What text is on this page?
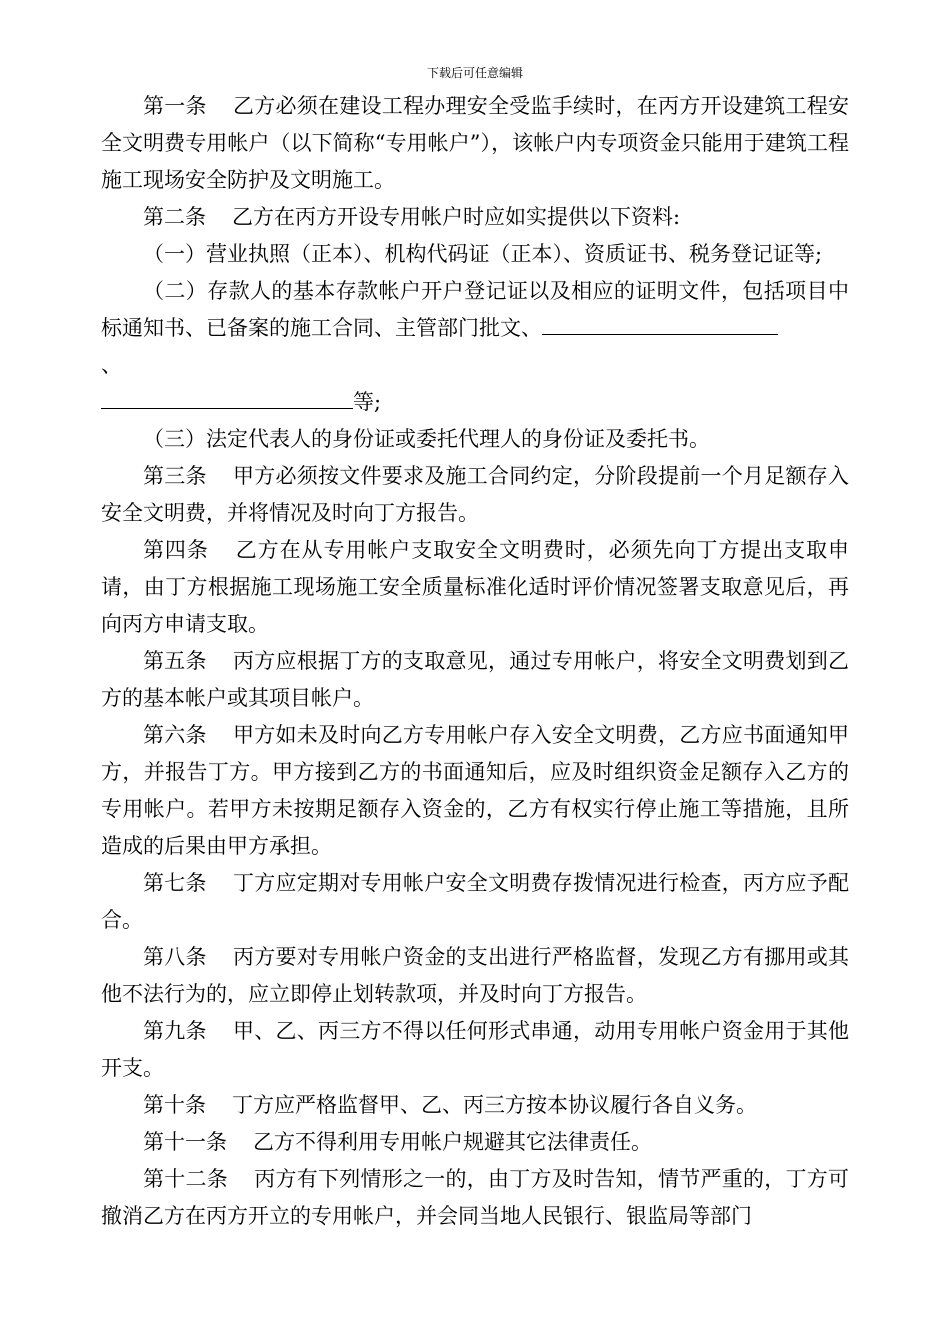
下载后可任意编辑

第一条 乙方必须在建设工程办理安全受监手续时，在丙方开设建筑工程安全文明费专用帐户（以下简称“专用帐户”），该帐户内专项资金只能用于建筑工程施工现场安全防护及文明施工。

第二条 乙方在丙方开设专用帐户时应如实提供以下资料:

（一）营业执照（正本）、机构代码证（正本）、资质证书、税务登记证等;

（二）存款人的基本存款帐户开户登记证以及相应的证明文件，包括项目中标通知书、已备案的施工合同、主管部门批文、

、

等;

（三）法定代表人的身份证或委托代理人的身份证及委托书。

第三条 甲方必须按文件要求及施工合同约定，分阶段提前一个月足额存入安全文明费，并将情况及时向丁方报告。

第四条 乙方在从专用帐户支取安全文明费时，必须先向丁方提出支取申请，由丁方根据施工现场施工安全质量标准化适时评价情况签署支取意见后，再向丙方申请支取。

第五条 丙方应根据丁方的支取意见，通过专用帐户，将安全文明费划到乙方的基本帐户或其项目帐户。

第六条 甲方如未及时向乙方专用帐户存入安全文明费，乙方应书面通知甲方，并报告丁方。甲方接到乙方的书面通知后，应及时组织资金足额存入乙方的专用帐户。若甲方未按期足额存入资金的，乙方有权实行停止施工等措施，且所造成的后果由甲方承担。

第七条 丁方应定期对专用帐户安全文明费存拨情况进行检查，丙方应予配合。

第八条 丙方要对专用帐户资金的支出进行严格监督，发现乙方有挪用或其他不法行为的，应立即停止划转款项，并及时向丁方报告。

第九条 甲、乙、丙三方不得以任何形式串通，动用专用帐户资金用于其他开支。

第十条 丁方应严格监督甲、乙、丙三方按本协议履行各自义务。

第十一条 乙方不得利用专用帐户规避其它法律责任。

第十二条 丙方有下列情形之一的，由丁方及时告知，情节严重的，丁方可撤消乙方在丙方开立的专用帐户，并会同当地人民银行、银监局等部门
